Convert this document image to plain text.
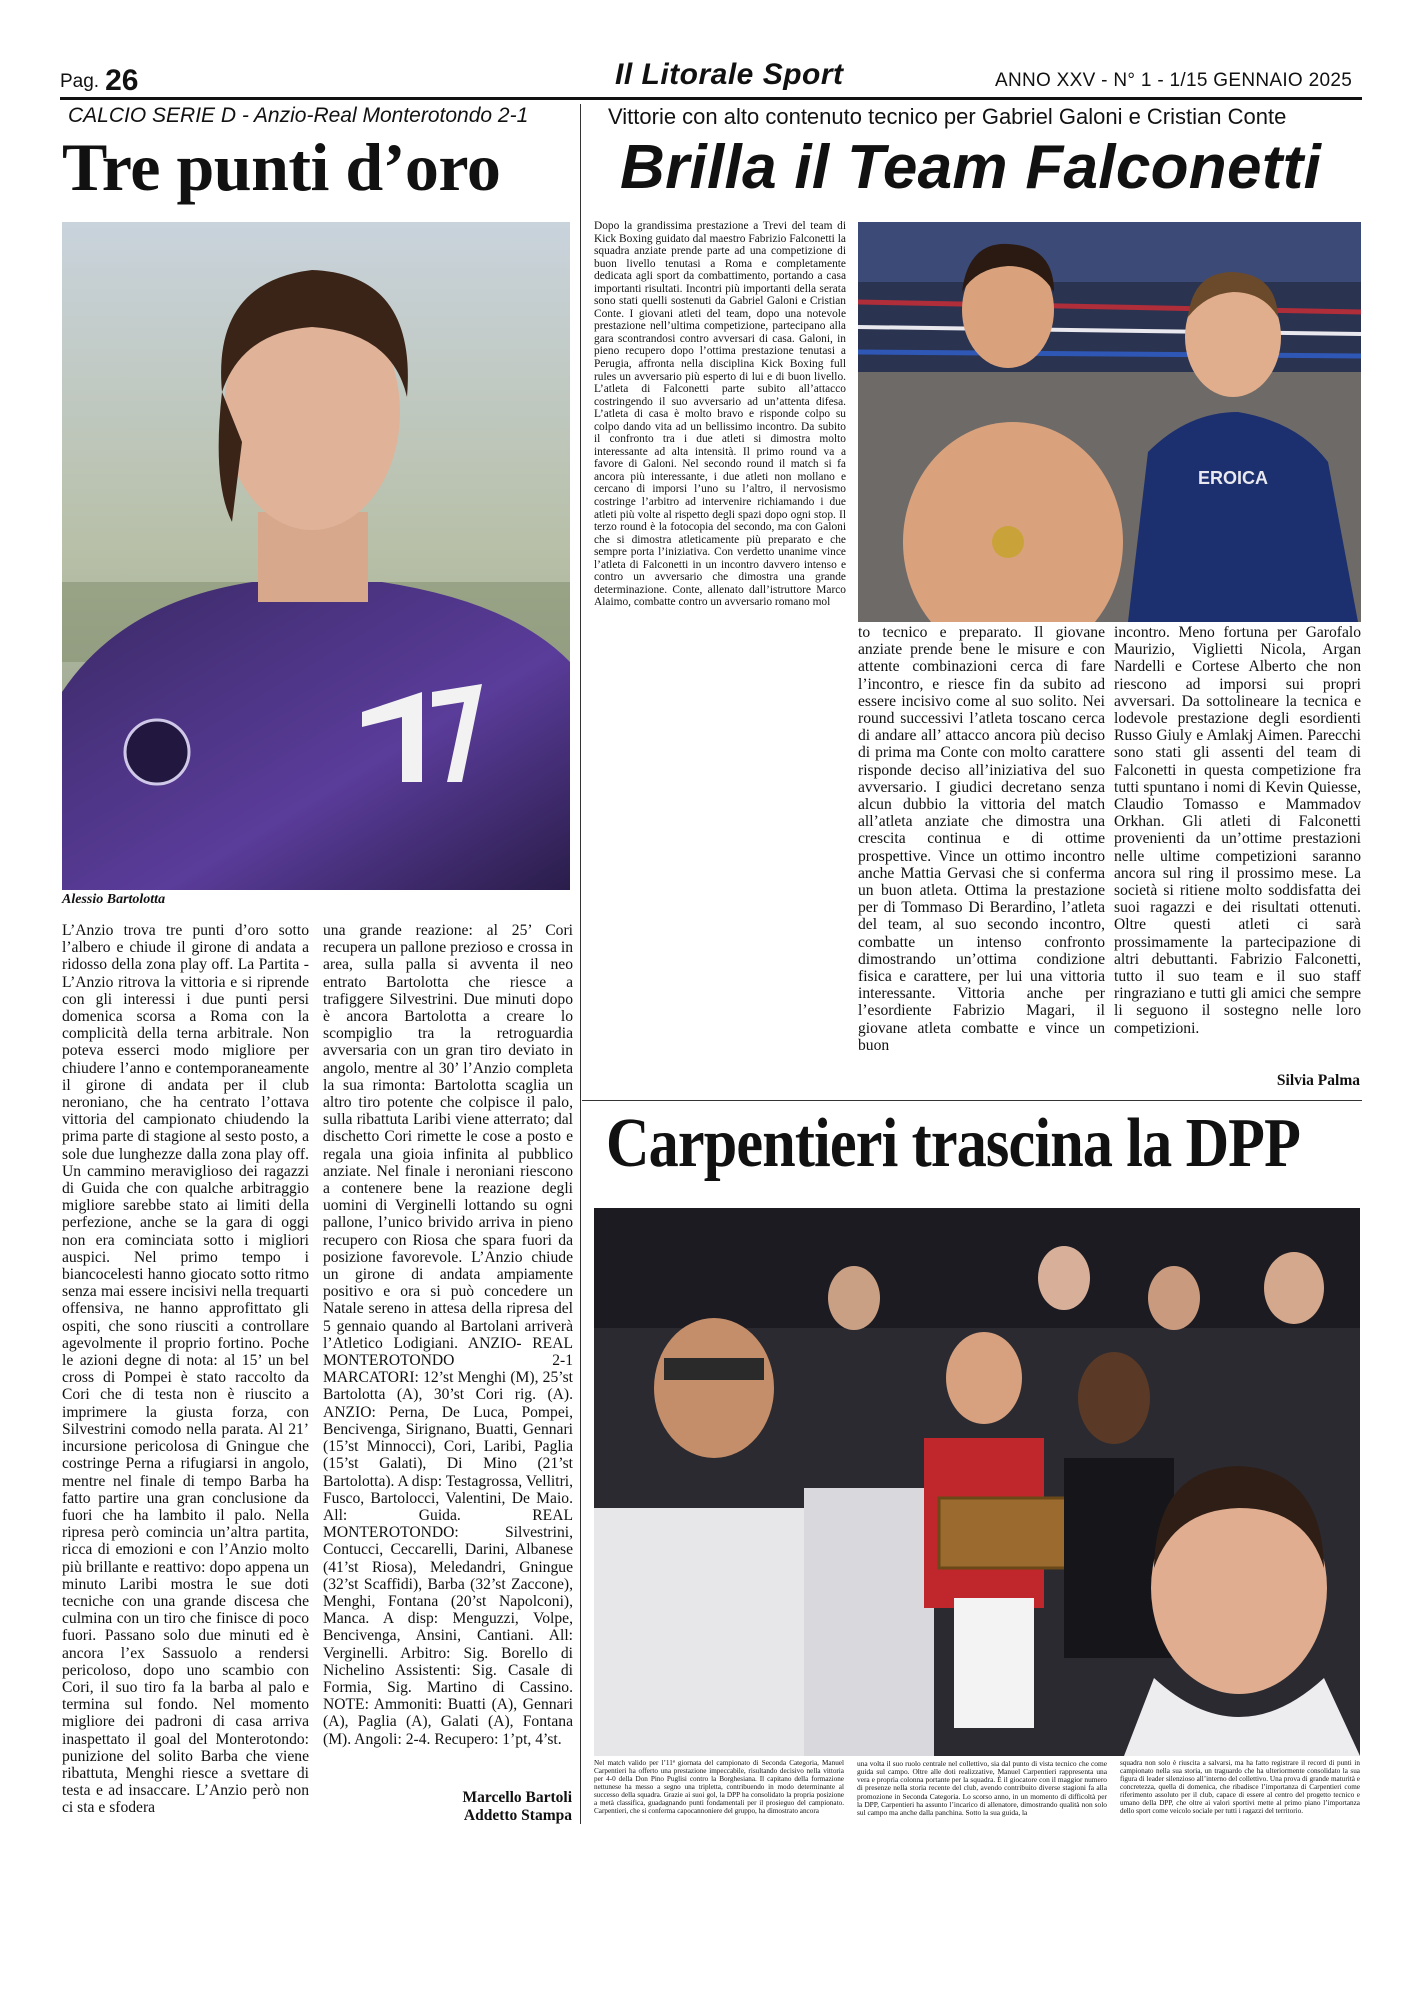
Pag. 26	Il Litorale Sport	ANNO XXV - N° 1 - 1/15 GENNAIO 2025
CALCIO SERIE D - Anzio-Real Monterotondo 2-1
Tre punti d’oro
Alessio Bartolotta
L’Anzio trova tre punti d’oro sotto l’albero e chiude il girone di andata a ridosso della zona play off. La Partita - L’Anzio ritrova la vittoria e si riprende con gli interessi i due punti persi domenica scorsa a Roma con la complicità della terna arbitrale. Non poteva esserci modo migliore per chiudere l’anno e contemporaneamente il girone di andata per il club neroniano, che ha centrato l’ottava vittoria del campionato chiudendo la prima parte di stagione al sesto posto, a sole due lunghezze dalla zona play off. Un cammino meraviglioso dei ragazzi di Guida che con qualche arbitraggio migliore sarebbe stato ai limiti della perfezione, anche se la gara di oggi non era cominciata sotto i migliori auspici. Nel primo tempo i biancocelesti hanno giocato sotto ritmo senza mai essere incisivi nella trequarti offensiva, ne hanno approfittato gli ospiti, che sono riusciti a controllare agevolmente il proprio fortino. Poche le azioni degne di nota: al 15’ un bel cross di Pompei è stato raccolto da Cori che di testa non è riuscito a imprimere la giusta forza, con Silvestrini comodo nella parata. Al 21’ incursione pericolosa di Gningue che costringe Perna a rifugiarsi in angolo, mentre nel finale di tempo Barba ha fatto partire una gran conclusione da fuori che ha lambito il palo. Nella ripresa però comincia un’altra partita, ricca di emozioni e con l’Anzio molto più brillante e reattivo: dopo appena un minuto Laribi mostra le sue doti tecniche con una grande discesa che culmina con un tiro che finisce di poco fuori. Passano solo due minuti ed è ancora l’ex Sassuolo a rendersi pericoloso, dopo uno scambio con Cori, il suo tiro fa la barba al palo e termina sul fondo. Nel momento migliore dei padroni di casa arriva inaspettato il goal del Monterotondo: punizione del solito Barba che viene ribattuta, Menghi riesce a svettare di testa e ad insaccare. L’Anzio però non ci sta e sfodera
una grande reazione: al 25’ Cori recupera un pallone prezioso e crossa in area, sulla palla si avventa il neo entrato Bartolotta che riesce a trafiggere Silvestrini. Due minuti dopo è ancora Bartolotta a creare lo scompiglio tra la retroguardia avversaria con un gran tiro deviato in angolo, mentre al 30’ l’Anzio completa la sua rimonta: Bartolotta scaglia un altro tiro potente che colpisce il palo, sulla ribattuta Laribi viene atterrato; dal dischetto Cori rimette le cose a posto e regala una gioia infinita al pubblico anziate. Nel finale i neroniani riescono a contenere bene la reazione degli uomini di Verginelli lottando su ogni pallone, l’unico brivido arriva in pieno recupero con Riosa che spara fuori da posizione favorevole. L’Anzio chiude un girone di andata ampiamente positivo e ora si può concedere un Natale sereno in attesa della ripresa del 5 gennaio quando al Bartolani arriverà l’Atletico Lodigiani. ANZIO- REAL MONTEROTONDO 2-1 MARCATORI: 12’st Menghi (M), 25’st Bartolotta (A), 30’st Cori rig. (A). ANZIO: Perna, De Luca, Pompei, Bencivenga, Sirignano, Buatti, Gennari (15’st Minnocci), Cori, Laribi, Paglia (15’st Galati), Di Mino (21’st Bartolotta). A disp: Testagrossa, Vellitri, Fusco, Bartolocci, Valentini, De Maio. All: Guida. REAL MONTEROTONDO: Silvestrini, Contucci, Ceccarelli, Darini, Albanese (41’st Riosa), Meledandri, Gningue (32’st Scaffidi), Barba (32’st Zaccone), Menghi, Fontana (20’st Napolconi), Manca. A disp: Menguzzi, Volpe, Bencivenga, Ansini, Cantiani. All: Verginelli. Arbitro: Sig. Borello di Nichelino Assistenti: Sig. Casale di Formia, Sig. Martino di Cassino. NOTE: Ammoniti: Buatti (A), Gennari (A), Paglia (A), Galati (A), Fontana (M). Angoli: 2-4. Recupero: 1’pt, 4’st.
Marcello Bartoli
Addetto Stampa
Vittorie con alto contenuto tecnico per Gabriel Galoni e Cristian Conte
Brilla il Team Falconetti
EROICA
Dopo la grandissima prestazione a Trevi del team di Kick Boxing guidato dal maestro Fabrizio Falconetti la squadra anziate prende parte ad una competizione di buon livello tenutasi a Roma e completamente dedicata agli sport da combattimento, portando a casa importanti risultati. Incontri più importanti della serata sono stati quelli sostenuti da Gabriel Galoni e Cristian Conte. I giovani atleti del team, dopo una notevole prestazione nell’ultima competizione, partecipano alla gara scontrandosi contro avversari di casa. Galoni, in pieno recupero dopo l’ottima prestazione tenutasi a Perugia, affronta nella disciplina Kick Boxing full rules un avversario più esperto di lui e di buon livello. L’atleta di Falconetti parte subito all’attacco costringendo il suo avversario ad un’attenta difesa. L’atleta di casa è molto bravo e risponde colpo su colpo dando vita ad un bellissimo incontro. Da subito il confronto tra i due atleti si dimostra molto interessante ad alta intensità. Il primo round va a favore di Galoni. Nel secondo round il match si fa ancora più interessante, i due atleti non mollano e cercano di imporsi l’uno su l’altro, il nervosismo costringe l’arbitro ad intervenire richiamando i due atleti più volte al rispetto degli spazi dopo ogni stop. Il terzo round è la fotocopia del secondo, ma con Galoni che si dimostra atleticamente più preparato e che sempre porta l’iniziativa. Con verdetto unanime vince l’atleta di Falconetti in un incontro davvero intenso e contro un avversario che dimostra una grande determinazione. Conte, allenato dall’istruttore Marco Alaimo, combatte contro un avversario romano mol
to tecnico e preparato. Il giovane anziate prende bene le misure e con attente combinazioni cerca di fare l’incontro, e riesce fin da subito ad essere incisivo come al suo solito. Nei round successivi l’atleta toscano cerca di andare all’ attacco ancora più deciso di prima ma Conte con molto carattere risponde deciso all’iniziativa del suo avversario. I giudici decretano senza alcun dubbio la vittoria del match all’atleta anziate che dimostra una crescita continua e di ottime prospettive. Vince un ottimo incontro anche Mattia Gervasi che si conferma un buon atleta. Ottima la prestazione per di Tommaso Di Berardino, l’atleta del team, al suo secondo incontro, combatte un intenso confronto dimostrando un’ottima condizione fisica e carattere, per lui una vittoria interessante. Vittoria anche per l’esordiente Fabrizio Magari, il giovane atleta combatte e vince un buon
incontro. Meno fortuna per Garofalo Maurizio, Viglietti Nicola, Argan Nardelli e Cortese Alberto che non riescono ad imporsi sui propri avversari. Da sottolineare la tecnica e lodevole prestazione degli esordienti Russo Giuly e Amlakj Aimen. Parecchi sono stati gli assenti del team di Falconetti in questa competizione fra tutti spuntano i nomi di Kevin Quiesse, Claudio Tomasso e Mammadov Orkhan. Gli atleti di Falconetti provenienti da un’ottime prestazioni nelle ultime competizioni saranno ancora sul ring il prossimo mese. La società si ritiene molto soddisfatta dei suoi ragazzi e dei risultati ottenuti. Oltre questi atleti ci sarà prossimamente la partecipazione di altri debuttanti. Fabrizio Falconetti, tutto il suo team e il suo staff ringraziano e tutti gli amici che sempre li seguono il sostegno nelle loro competizioni.
Silvia Palma
Carpentieri trascina la DPP
Nel match valido per l’11ª giornata del campionato di Seconda Categoria, Manuel Carpentieri ha offerto una prestazione impeccabile, risultando decisivo nella vittoria per 4-0 della Don Pino Puglisi contro la Borghesiana. Il capitano della formazione nettunese ha messo a segno una tripletta, contribuendo in modo determinante al successo della squadra. Grazie ai suoi gol, la DPP ha consolidato la propria posizione a metà classifica, guadagnando punti fondamentali per il prosieguo del campionato. Carpentieri, che si conferma capocannoniere del gruppo, ha dimostrato ancora
una volta il suo ruolo centrale nel collettivo, sia dal punto di vista tecnico che come guida sul campo. Oltre alle doti realizzative, Manuel Carpentieri rappresenta una vera e propria colonna portante per la squadra. È il giocatore con il maggior numero di presenze nella storia recente del club, avendo contribuito diverse stagioni fa alla promozione in Seconda Categoria. Lo scorso anno, in un momento di difficoltà per la DPP, Carpentieri ha assunto l’incarico di allenatore, dimostrando qualità non solo sul campo ma anche dalla panchina. Sotto la sua guida, la
squadra non solo è riuscita a salvarsi, ma ha fatto registrare il record di punti in campionato nella sua storia, un traguardo che ha ulteriormente consolidato la sua figura di leader silenzioso all’interno del collettivo. Una prova di grande maturità e concretezza, quella di domenica, che ribadisce l’importanza di Carpentieri come riferimento assoluto per il club, capace di essere al centro del progetto tecnico e umano della DPP, che oltre ai valori sportivi mette al primo piano l’importanza dello sport come veicolo sociale per tutti i ragazzi del territorio.
